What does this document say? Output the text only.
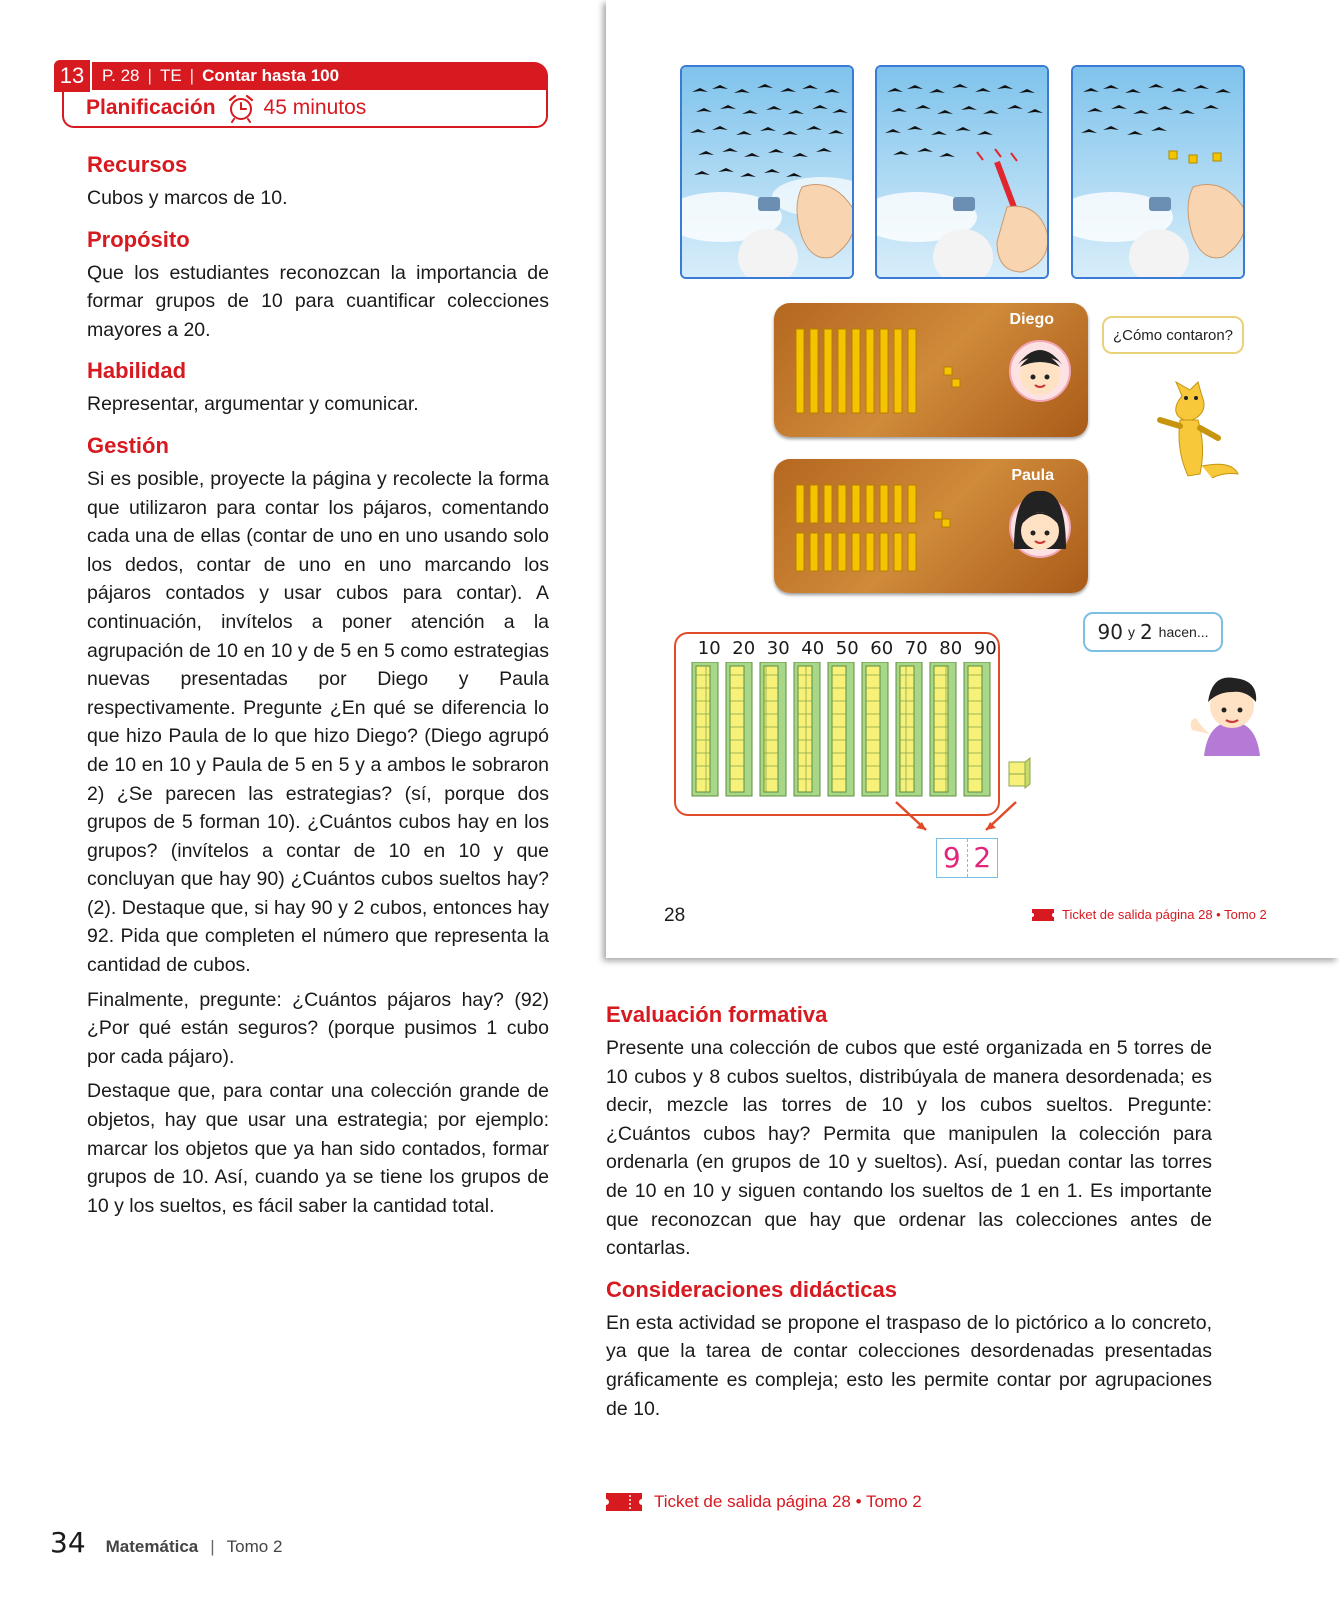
13	P. 28 | TE | Contar hasta 100
Planificación 45 minutos
Recursos

Cubos y marcos de 10.

Propósito

Que los estudiantes reconozcan la importancia de formar grupos de 10 para cuantificar colecciones mayores a 20.

Habilidad

Representar, argumentar y comunicar.

Gestión

Si es posible, proyecte la página y recolecte la forma que utilizaron para contar los pájaros, comentando cada una de ellas (contar de uno en uno usando solo los dedos, contar de uno en uno marcando los pájaros contados y usar cubos para contar). A continuación, invítelos a poner atención a la agrupación de 10 en 10 y de 5 en 5 como estrategias nuevas presentadas por Diego y Paula respectivamente. Pregunte ¿En qué se diferencia lo que hizo Paula de lo que hizo Diego? (Diego agrupó de 10 en 10 y Paula de 5 en 5 y a ambos le sobraron 2) ¿Se parecen las estrategias? (sí, porque dos grupos de 5 forman 10). ¿Cuántos cubos hay en los grupos? (invítelos a contar de 10 en 10 y que concluyan que hay 90) ¿Cuántos cubos sueltos hay? (2). Destaque que, si hay 90 y 2 cubos, entonces hay 92. Pida que completen el número que representa la cantidad de cubos.

Finalmente, pregunte: ¿Cuántos pájaros hay? (92) ¿Por qué están seguros? (porque pusimos 1 cubo por cada pájaro).

Destaque que, para contar una colección grande de objetos, hay que usar una estrategia; por ejemplo: marcar los objetos que ya han sido contados, formar grupos de 10. Así, cuando ya se tiene los grupos de 10 y los sueltos, es fácil saber la cantidad total.

Diego
Paula
¿Cómo contaron?
90 y 2 hacen...
10 20 30 40 50 60 70 80 90
9 2
28	Ticket de salida página 28 • Tomo 2
Evaluación formativa

Presente una colección de cubos que esté organizada en 5 torres de 10 cubos y 8 cubos sueltos, distribúyala de manera desordenada; es decir, mezcle las torres de 10 y los cubos sueltos. Pregunte: ¿Cuántos cubos hay? Permita que manipulen la colección para ordenarla (en grupos de 10 y sueltos). Así, puedan contar las torres de 10 en 10 y siguen contando los sueltos de 1 en 1. Es importante que reconozcan que hay que ordenar las colecciones antes de contarlas.

Consideraciones didácticas

En esta actividad se propone el traspaso de lo pictórico a lo concreto, ya que la tarea de contar colecciones desordenadas presentadas gráficamente es compleja; esto les permite contar por agrupaciones de 10.

Ticket de salida página 28 • Tomo 2
34 Matemática | Tomo 2
